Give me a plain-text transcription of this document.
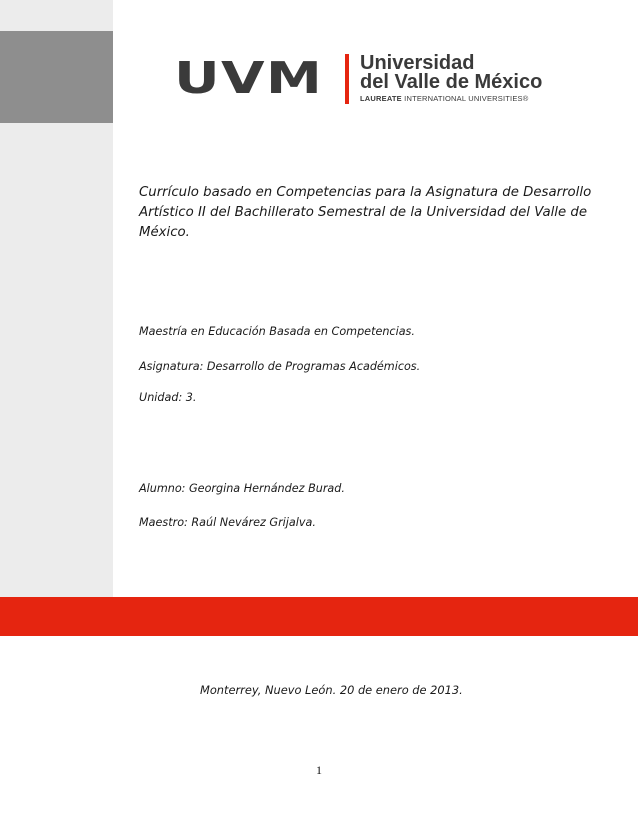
UVM Universidad
del Valle de México
LAUREATE INTERNATIONAL UNIVERSITIES®
Currículo basado en Competencias para la Asignatura de Desarrollo Artístico II del Bachillerato Semestral de la Universidad del Valle de México.
Maestría en Educación Basada en Competencias.
Asignatura: Desarrollo de Programas Académicos.
Unidad: 3.
Alumno: Georgina Hernández Burad.
Maestro: Raúl Nevárez Grijalva.
Monterrey, Nuevo León. 20 de enero de 2013.
1
